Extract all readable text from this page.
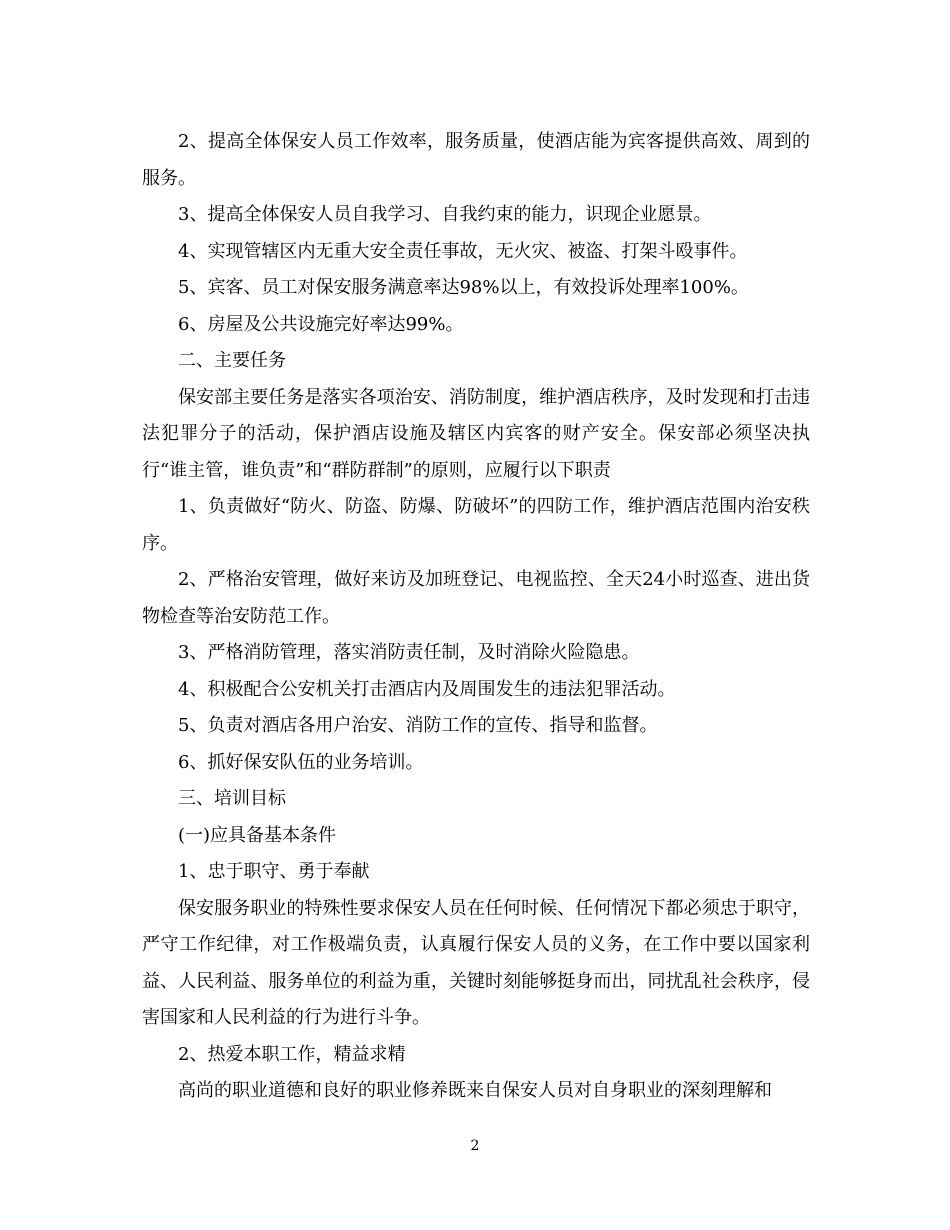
2、提高全体保安人员工作效率，服务质量，使酒店能为宾客提供高效、周到的服务。

3、提高全体保安人员自我学习、自我约束的能力，识现企业愿景。

4、实现管辖区内无重大安全责任事故，无火灾、被盗、打架斗殴事件。

5、宾客、员工对保安服务满意率达98%以上，有效投诉处理率100%。

6、房屋及公共设施完好率达99%。

二、主要任务

保安部主要任务是落实各项治安、消防制度，维护酒店秩序，及时发现和打击违法犯罪分子的活动，保护酒店设施及辖区内宾客的财产安全。保安部必须坚决执行“谁主管，谁负责”和“群防群制”的原则，应履行以下职责

1、负责做好“防火、防盗、防爆、防破坏”的四防工作，维护酒店范围内治安秩序。

2、严格治安管理，做好来访及加班登记、电视监控、全天24小时巡查、进出货物检查等治安防范工作。

3、严格消防管理，落实消防责任制，及时消除火险隐患。

4、积极配合公安机关打击酒店内及周围发生的违法犯罪活动。

5、负责对酒店各用户治安、消防工作的宣传、指导和监督。

6、抓好保安队伍的业务培训。

三、培训目标

(一)应具备基本条件

1、忠于职守、勇于奉献

保安服务职业的特殊性要求保安人员在任何时候、任何情况下都必须忠于职守，严守工作纪律，对工作极端负责，认真履行保安人员的义务，在工作中要以国家利益、人民利益、服务单位的利益为重，关键时刻能够挺身而出，同扰乱社会秩序，侵害国家和人民利益的行为进行斗争。

2、热爱本职工作，精益求精

高尚的职业道德和良好的职业修养既来自保安人员对自身职业的深刻理解和

2
